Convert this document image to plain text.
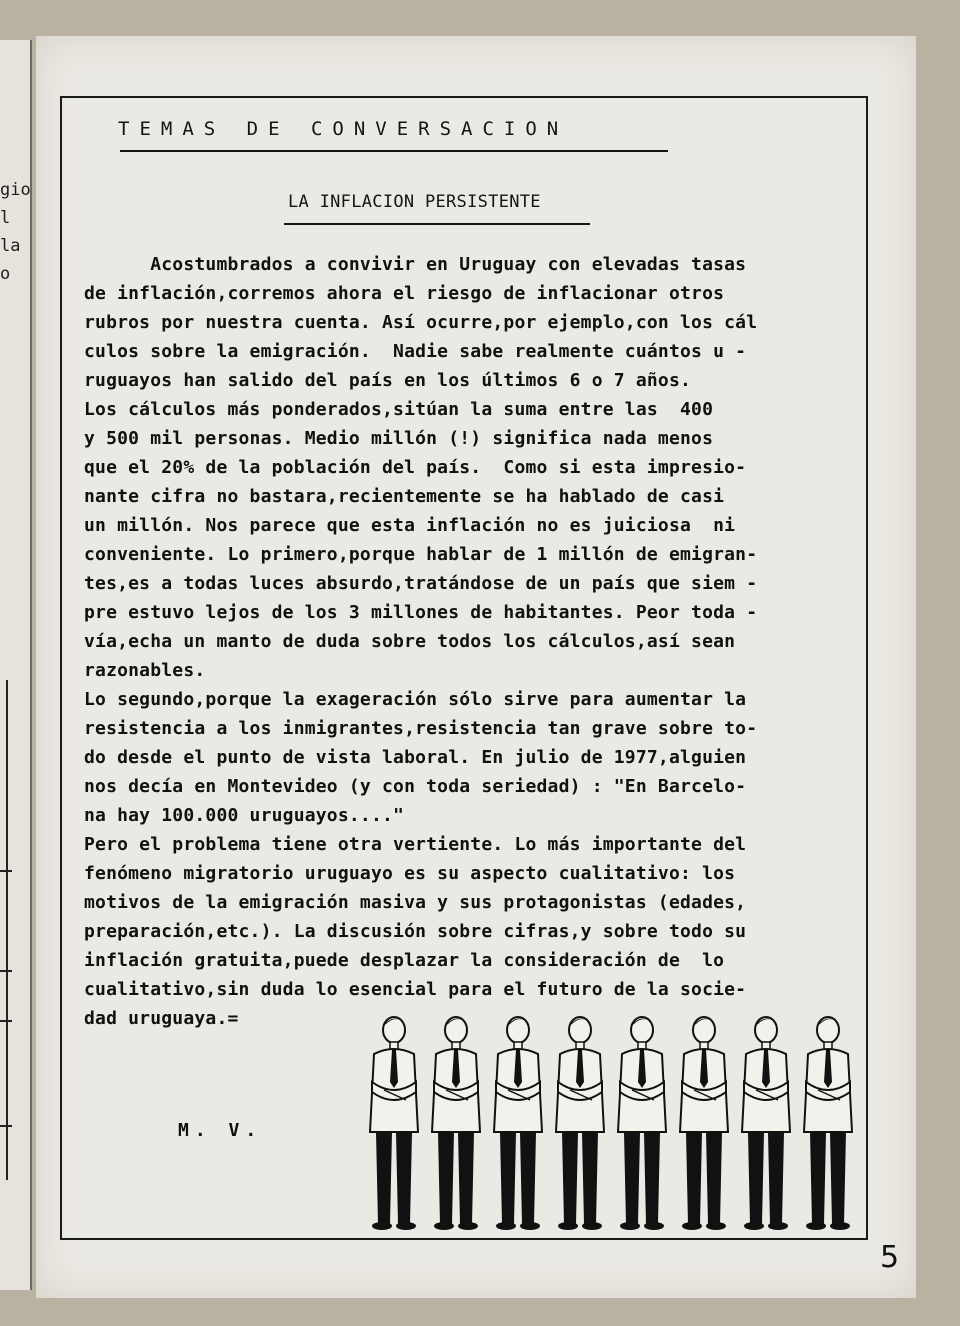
gio
l
la
o
TEMAS DE CONVERSACION
LA INFLACION PERSISTENTE
Acostumbrados a convivir en Uruguay con elevadas tasas
de inflación,corremos ahora el riesgo de inflacionar otros
rubros por nuestra cuenta. Así ocurre,por ejemplo,con los cál
culos sobre la emigración.  Nadie sabe realmente cuántos u -
ruguayos han salido del país en los últimos 6 o 7 años.
Los cálculos más ponderados,sitúan la suma entre las  400
y 500 mil personas. Medio millón (!) significa nada menos
que el 20% de la población del país.  Como si esta impresio-
nante cifra no bastara,recientemente se ha hablado de casi
un millón. Nos parece que esta inflación no es juiciosa  ni
conveniente. Lo primero,porque hablar de 1 millón de emigran-
tes,es a todas luces absurdo,tratándose de un país que siem -
pre estuvo lejos de los 3 millones de habitantes. Peor toda -
vía,echa un manto de duda sobre todos los cálculos,así sean
razonables.
Lo segundo,porque la exageración sólo sirve para aumentar la
resistencia a los inmigrantes,resistencia tan grave sobre to-
do desde el punto de vista laboral. En julio de 1977,alguien
nos decía en Montevideo (y con toda seriedad) : "En Barcelo-
na hay 100.000 uruguayos...."
Pero el problema tiene otra vertiente. Lo más importante del
fenómeno migratorio uruguayo es su aspecto cualitativo: los
motivos de la emigración masiva y sus protagonistas (edades,
preparación,etc.). La discusión sobre cifras,y sobre todo su
inflación gratuita,puede desplazar la consideración de  lo
cualitativo,sin duda lo esencial para el futuro de la socie-
dad uruguaya.=
M. V.
5
